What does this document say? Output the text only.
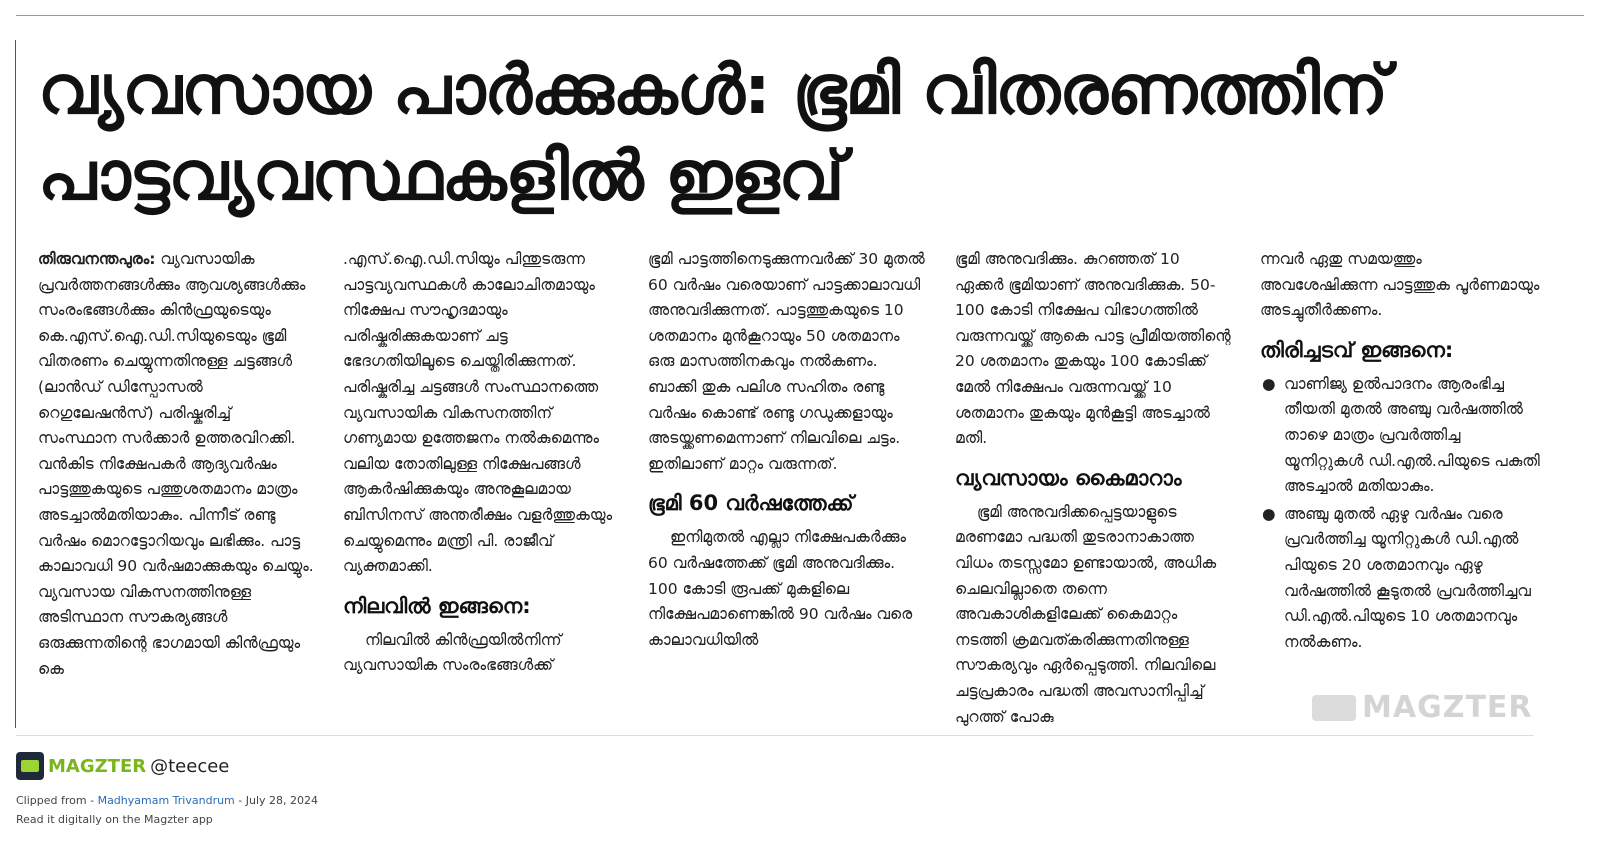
വ്യവസായ പാർക്കുകൾ: ഭൂമി വിതരണത്തിന്
പാട്ടവ്യവസ്ഥകളിൽ ഇളവ്

തിരുവനന്തപുരം: വ്യവസായിക പ്രവർത്തനങ്ങൾക്കും ആവശ്യങ്ങൾക്കും സംരംഭങ്ങൾക്കും കിൻഫ്രയുടെയും കെ.എസ്.ഐ.ഡി.സിയുടെയും ഭൂമി വിതരണം ചെയ്യുന്നതിനുള്ള ചട്ടങ്ങൾ (ലാൻഡ് ഡിസ്പോസൽ റെഗുലേഷൻസ്) പരിഷ്കരിച്ച് സംസ്ഥാന സർക്കാർ ഉത്തരവിറക്കി. വൻകിട നിക്ഷേപകർ ആദ്യവർഷം പാട്ടത്തുകയുടെ പത്തുശതമാനം മാത്രം അടച്ചാൽമതിയാകും. പിന്നീട് രണ്ടു വർഷം മൊറട്ടോറിയവും ലഭിക്കും. പാട്ട കാലാവധി 90 വർഷമാക്കുകയും ചെയ്യും. വ്യവസായ വികസനത്തിനുള്ള അടിസ്ഥാന സൗകര്യങ്ങൾ ഒരുക്കുന്നതിന്റെ ഭാഗമായി കിൻഫ്രയും കെ

.എസ്.ഐ.ഡി.സിയും പിന്തുടരുന്ന പാട്ടവ്യവസ്ഥകൾ കാലോചിതമായും നിക്ഷേപ സൗഹൃദമായും പരിഷ്കരിക്കുകയാണ് ചട്ട ഭേദഗതിയിലൂടെ ചെയ്തിരിക്കുന്നത്. പരിഷ്കരിച്ച ചട്ടങ്ങൾ സംസ്ഥാനത്തെ വ്യവസായിക വികസനത്തിന് ഗണ്യമായ ഉത്തേജനം നൽകുമെന്നും വലിയ തോതിലുള്ള നിക്ഷേപങ്ങൾ ആകർഷിക്കുകയും അനുകൂലമായ ബിസിനസ് അന്തരീക്ഷം വളർത്തുകയും ചെയ്യുമെന്നും മന്ത്രി പി. രാജീവ് വ്യക്തമാക്കി.

നിലവിൽ ഇങ്ങനെ:

നിലവിൽ കിൻഫ്രയിൽനിന്ന് വ്യവസായിക സംരംഭങ്ങൾക്ക്

ഭൂമി പാട്ടത്തിനെടുക്കുന്നവർക്ക് 30 മുതൽ 60 വർഷം വരെയാണ് പാട്ടക്കാലാവധി അനുവദിക്കുന്നത്. പാട്ടത്തുകയുടെ 10 ശതമാനം മുൻകൂറായും 50 ശതമാനം ഒരു മാസത്തിനകവും നൽകണം. ബാക്കി തുക പലിശ സഹിതം രണ്ടു വർഷം കൊണ്ട് രണ്ടു ഗഡുക്കളായും അടയ്ക്കണമെന്നാണ് നിലവിലെ ചട്ടം. ഇതിലാണ് മാറ്റം വരുന്നത്.

ഭൂമി 60 വർഷത്തേക്ക്

ഇനിമുതൽ എല്ലാ നിക്ഷേപകർക്കും 60 വർഷത്തേക്ക് ഭൂമി അനുവദിക്കും. 100 കോടി രൂപക്ക് മുകളിലെ നിക്ഷേപമാണെങ്കിൽ 90 വർഷം വരെ കാലാവധിയിൽ

ഭൂമി അനുവദിക്കും. കുറഞ്ഞത് 10 ഏക്കർ ഭൂമിയാണ് അനുവദിക്കുക. 50-100 കോടി നിക്ഷേപ വിഭാഗത്തിൽ വരുന്നവയ്ക്ക് ആകെ പാട്ട പ്രീമിയത്തിന്റെ 20 ശതമാനം തുകയും 100 കോടിക്ക് മേൽ നിക്ഷേപം വരുന്നവയ്ക്ക് 10 ശതമാനം തുകയും മുൻകൂട്ടി അടച്ചാൽ മതി.

വ്യവസായം കൈമാറാം

ഭൂമി അനുവദിക്കപ്പെട്ടയാളുടെ മരണമോ പദ്ധതി തുടരാനാകാത്ത വിധം തടസ്സമോ ഉണ്ടായാൽ, അധിക ചെലവില്ലാതെ തന്നെ അവകാശികളിലേക്ക് കൈമാറ്റം നടത്തി ക്രമവത്കരിക്കുന്നതിനുള്ള സൗകര്യവും ഏർപ്പെടുത്തി. നിലവിലെ ചട്ടപ്രകാരം പദ്ധതി അവസാനിപ്പിച്ച് പുറത്ത് പോകു

ന്നവർ ഏതു സമയത്തും അവശേഷിക്കുന്ന പാട്ടത്തുക പൂർണമായും അടച്ചുതീർക്കണം.

തിരിച്ചടവ് ഇങ്ങനെ:
● വാണിജ്യ ഉൽപാദനം ആരംഭിച്ച തീയതി മുതൽ അഞ്ചു വർഷത്തിൽ താഴെ മാത്രം പ്രവർത്തിച്ച യൂനിറ്റുകൾ ഡി.എൽ.പിയുടെ പകുതി അടച്ചാൽ മതിയാകും.
● അഞ്ചു മുതൽ ഏഴു വർഷം വരെ പ്രവർത്തിച്ച യൂനിറ്റുകൾ ഡി.എൽ പിയുടെ 20 ശതമാനവും ഏഴു വർഷത്തിൽ കൂടുതൽ പ്രവർത്തിച്ചവ ഡി.എൽ.പിയുടെ 10 ശതമാനവും നൽകണം.
MAGZTER
MAGZTER @teecee
Clipped from - Madhyamam Trivandrum - July 28, 2024
Read it digitally on the Magzter app
